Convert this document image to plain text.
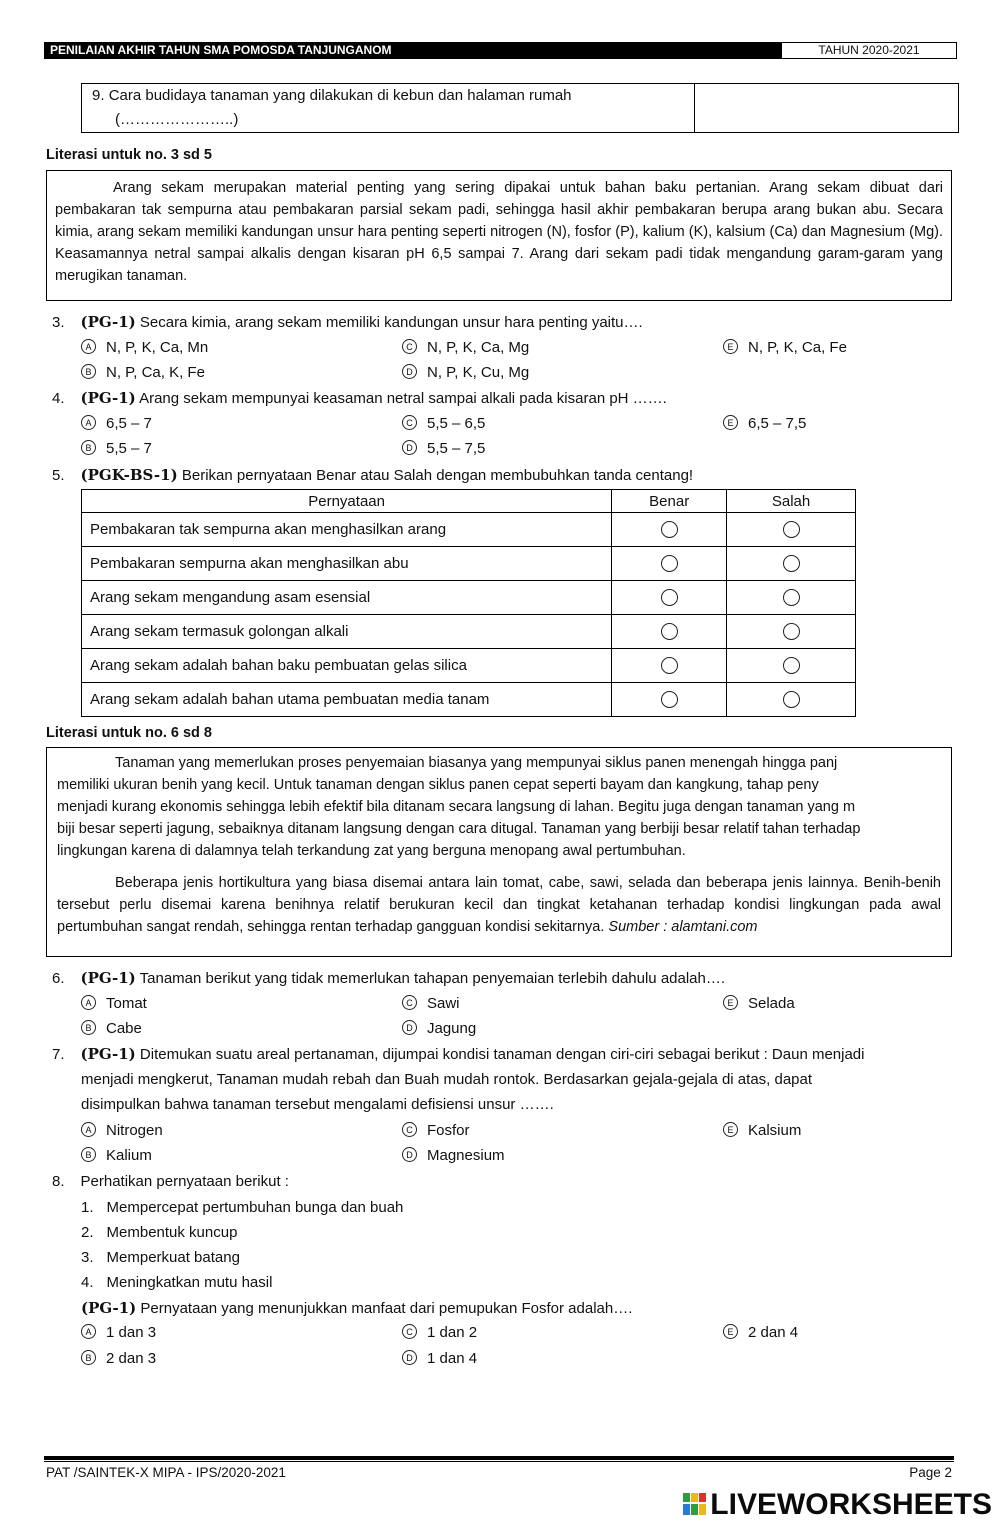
PENILAIAN AKHIR TAHUN SMA POMOSDA TANJUNGANOM	TAHUN 2020-2021
9. Cara budidaya tanaman yang dilakukan di kebun dan halaman rumah
(…………………..)
Literasi untuk no. 3 sd 5

Arang sekam merupakan material penting yang sering dipakai untuk bahan baku pertanian. Arang sekam dibuat dari pembakaran tak sempurna atau pembakaran parsial sekam padi, sehingga hasil akhir pembakaran berupa arang bukan abu. Secara kimia, arang sekam memiliki kandungan unsur hara penting seperti nitrogen (N), fosfor (P), kalium (K), kalsium (Ca) dan Magnesium (Mg). Keasamannya netral sampai alkalis dengan kisaran pH 6,5 sampai 7. Arang dari sekam padi tidak mengandung garam-garam yang merugikan tanaman.

3. (PG-1) Secara kimia, arang sekam memiliki kandungan unsur hara penting yaitu….
A N, P, K, Ca, Mn	C N, P, K, Ca, Mg	E N, P, K, Ca, Fe
B N, P, Ca, K, Fe	D N, P, K, Cu, Mg
4. (PG-1) Arang sekam mempunyai keasaman netral sampai alkali pada kisaran pH …….
A 6,5 – 7	C 5,5 – 6,5	E 6,5 – 7,5
B 5,5 – 7	D 5,5 – 7,5
5. (PGK-BS-1) Berikan pernyataan Benar atau Salah dengan membubuhkan tanda centang!
Pernyataan	Benar	Salah
Pembakaran tak sempurna akan menghasilkan arang		
Pembakaran sempurna akan menghasilkan abu		
Arang sekam mengandung asam esensial		
Arang sekam termasuk golongan alkali		
Arang sekam adalah bahan baku pembuatan gelas silica		
Arang sekam adalah bahan utama pembuatan media tanam		
Literasi untuk no. 6 sd 8
Tanaman yang memerlukan proses penyemaian biasanya yang mempunyai siklus panen menengah hingga panj
memiliki ukuran benih yang kecil. Untuk tanaman dengan siklus panen cepat seperti bayam dan kangkung, tahap peny
menjadi kurang ekonomis sehingga lebih efektif bila ditanam secara langsung di lahan. Begitu juga dengan tanaman yang m
biji besar seperti jagung, sebaiknya ditanam langsung dengan cara ditugal. Tanaman yang berbiji besar relatif tahan terhadap
lingkungan karena di dalamnya telah terkandung zat yang berguna menopang awal pertumbuhan.

Beberapa jenis hortikultura yang biasa disemai antara lain tomat, cabe, sawi, selada dan beberapa jenis lainnya. Benih-benih tersebut perlu disemai karena benihnya relatif berukuran kecil dan tingkat ketahanan terhadap kondisi lingkungan pada awal pertumbuhan sangat rendah, sehingga rentan terhadap gangguan kondisi sekitarnya. Sumber : alamtani.com

6. (PG-1) Tanaman berikut yang tidak memerlukan tahapan penyemaian terlebih dahulu adalah….
A Tomat	C Sawi	E Selada
B Cabe	D Jagung
7. (PG-1) Ditemukan suatu areal pertanaman, dijumpai kondisi tanaman dengan ciri-ciri sebagai berikut : Daun menjadi
menjadi mengkerut, Tanaman mudah rebah dan Buah mudah rontok. Berdasarkan gejala-gejala di atas, dapat
disimpulkan bahwa tanaman tersebut mengalami defisiensi unsur …….
A Nitrogen	C Fosfor	E Kalsium
B Kalium	D Magnesium
8. Perhatikan pernyataan berikut :
1. Mempercepat pertumbuhan bunga dan buah
2. Membentuk kuncup
3. Memperkuat batang
4. Meningkatkan mutu hasil
(PG-1) Pernyataan yang menunjukkan manfaat dari pemupukan Fosfor adalah….
A 1 dan 3	C 1 dan 2	E 2 dan 4
B 2 dan 3	D 1 dan 4
PAT /SAINTEK-X MIPA - IPS/2020-2021	Page 2
LIVEWORKSHEETS
